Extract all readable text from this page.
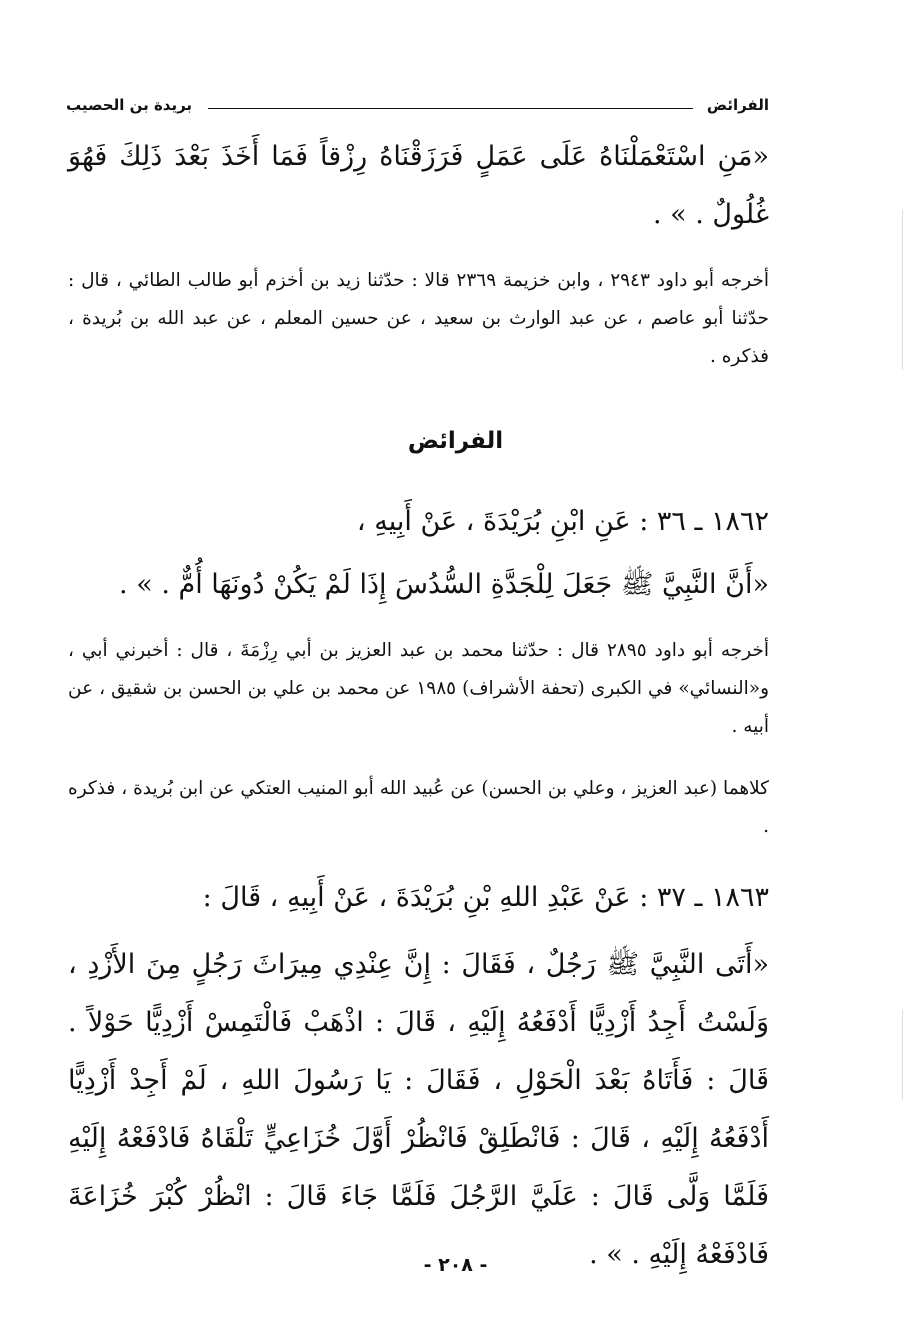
الفرائض
بريدة بن الحصيب
«مَنِ اسْتَعْمَلْنَاهُ عَلَى عَمَلٍ فَرَزَقْنَاهُ رِزْقاً فَمَا أَخَذَ بَعْدَ ذَلِكَ فَهُوَ غُلُولٌ . » .
أخرجه أبو داود ٢٩٤٣ ، وابن خزيمة ٢٣٦٩ قالا : حدّثنا زيد بن أخزم أبو طالب الطائي ، قال : حدّثنا أبو عاصم ، عن عبد الوارث بن سعيد ، عن حسين المعلم ، عن عبد الله بن بُريدة ، فذكره .
الفرائض
١٨٦٢ ـ ٣٦ : عَنِ ابْنِ بُرَيْدَةَ ، عَنْ أَبِيهِ ،
«أَنَّ النَّبِيَّ ﷺ جَعَلَ لِلْجَدَّةِ السُّدُسَ إِذَا لَمْ يَكُنْ دُونَهَا أُمٌّ . » .
أخرجه أبو داود ٢٨٩٥ قال : حدّثنا محمد بن عبد العزيز بن أبي رِزْمَةَ ، قال : أخبرني أبي ، و«النسائي» في الكبرى (تحفة الأشراف) ١٩٨٥ عن محمد بن علي بن الحسن بن شقيق ، عن أبيه .
كلاهما (عبد العزيز ، وعلي بن الحسن) عن عُبيد الله أبو المنيب العتكي عن ابن بُريدة ، فذكره .
١٨٦٣ ـ ٣٧ : عَنْ عَبْدِ اللهِ بْنِ بُرَيْدَةَ ، عَنْ أَبِيهِ ، قَالَ :
«أَتَى النَّبِيَّ ﷺ رَجُلٌ ، فَقَالَ : إِنَّ عِنْدِي مِيرَاثَ رَجُلٍ مِنَ الأَزْدِ ، وَلَسْتُ أَجِدُ أَزْدِيًّا أَدْفَعُهُ إِلَيْهِ ، قَالَ : اذْهَبْ فَالْتَمِسْ أَزْدِيًّا حَوْلاً . قَالَ : فَأَتَاهُ بَعْدَ الْحَوْلِ ، فَقَالَ : يَا رَسُولَ اللهِ ، لَمْ أَجِدْ أَزْدِيًّا أَدْفَعُهُ إِلَيْهِ ، قَالَ : فَانْطَلِقْ فَانْظُرْ أَوَّلَ خُزَاعِيٍّ تَلْقَاهُ فَادْفَعْهُ إِلَيْهِ فَلَمَّا وَلَّى قَالَ : عَلَيَّ الرَّجُلَ فَلَمَّا جَاءَ قَالَ : انْظُرْ كُبْرَ خُزَاعَةَ فَادْفَعْهُ إِلَيْهِ . » .
- ٢٠٨ -
